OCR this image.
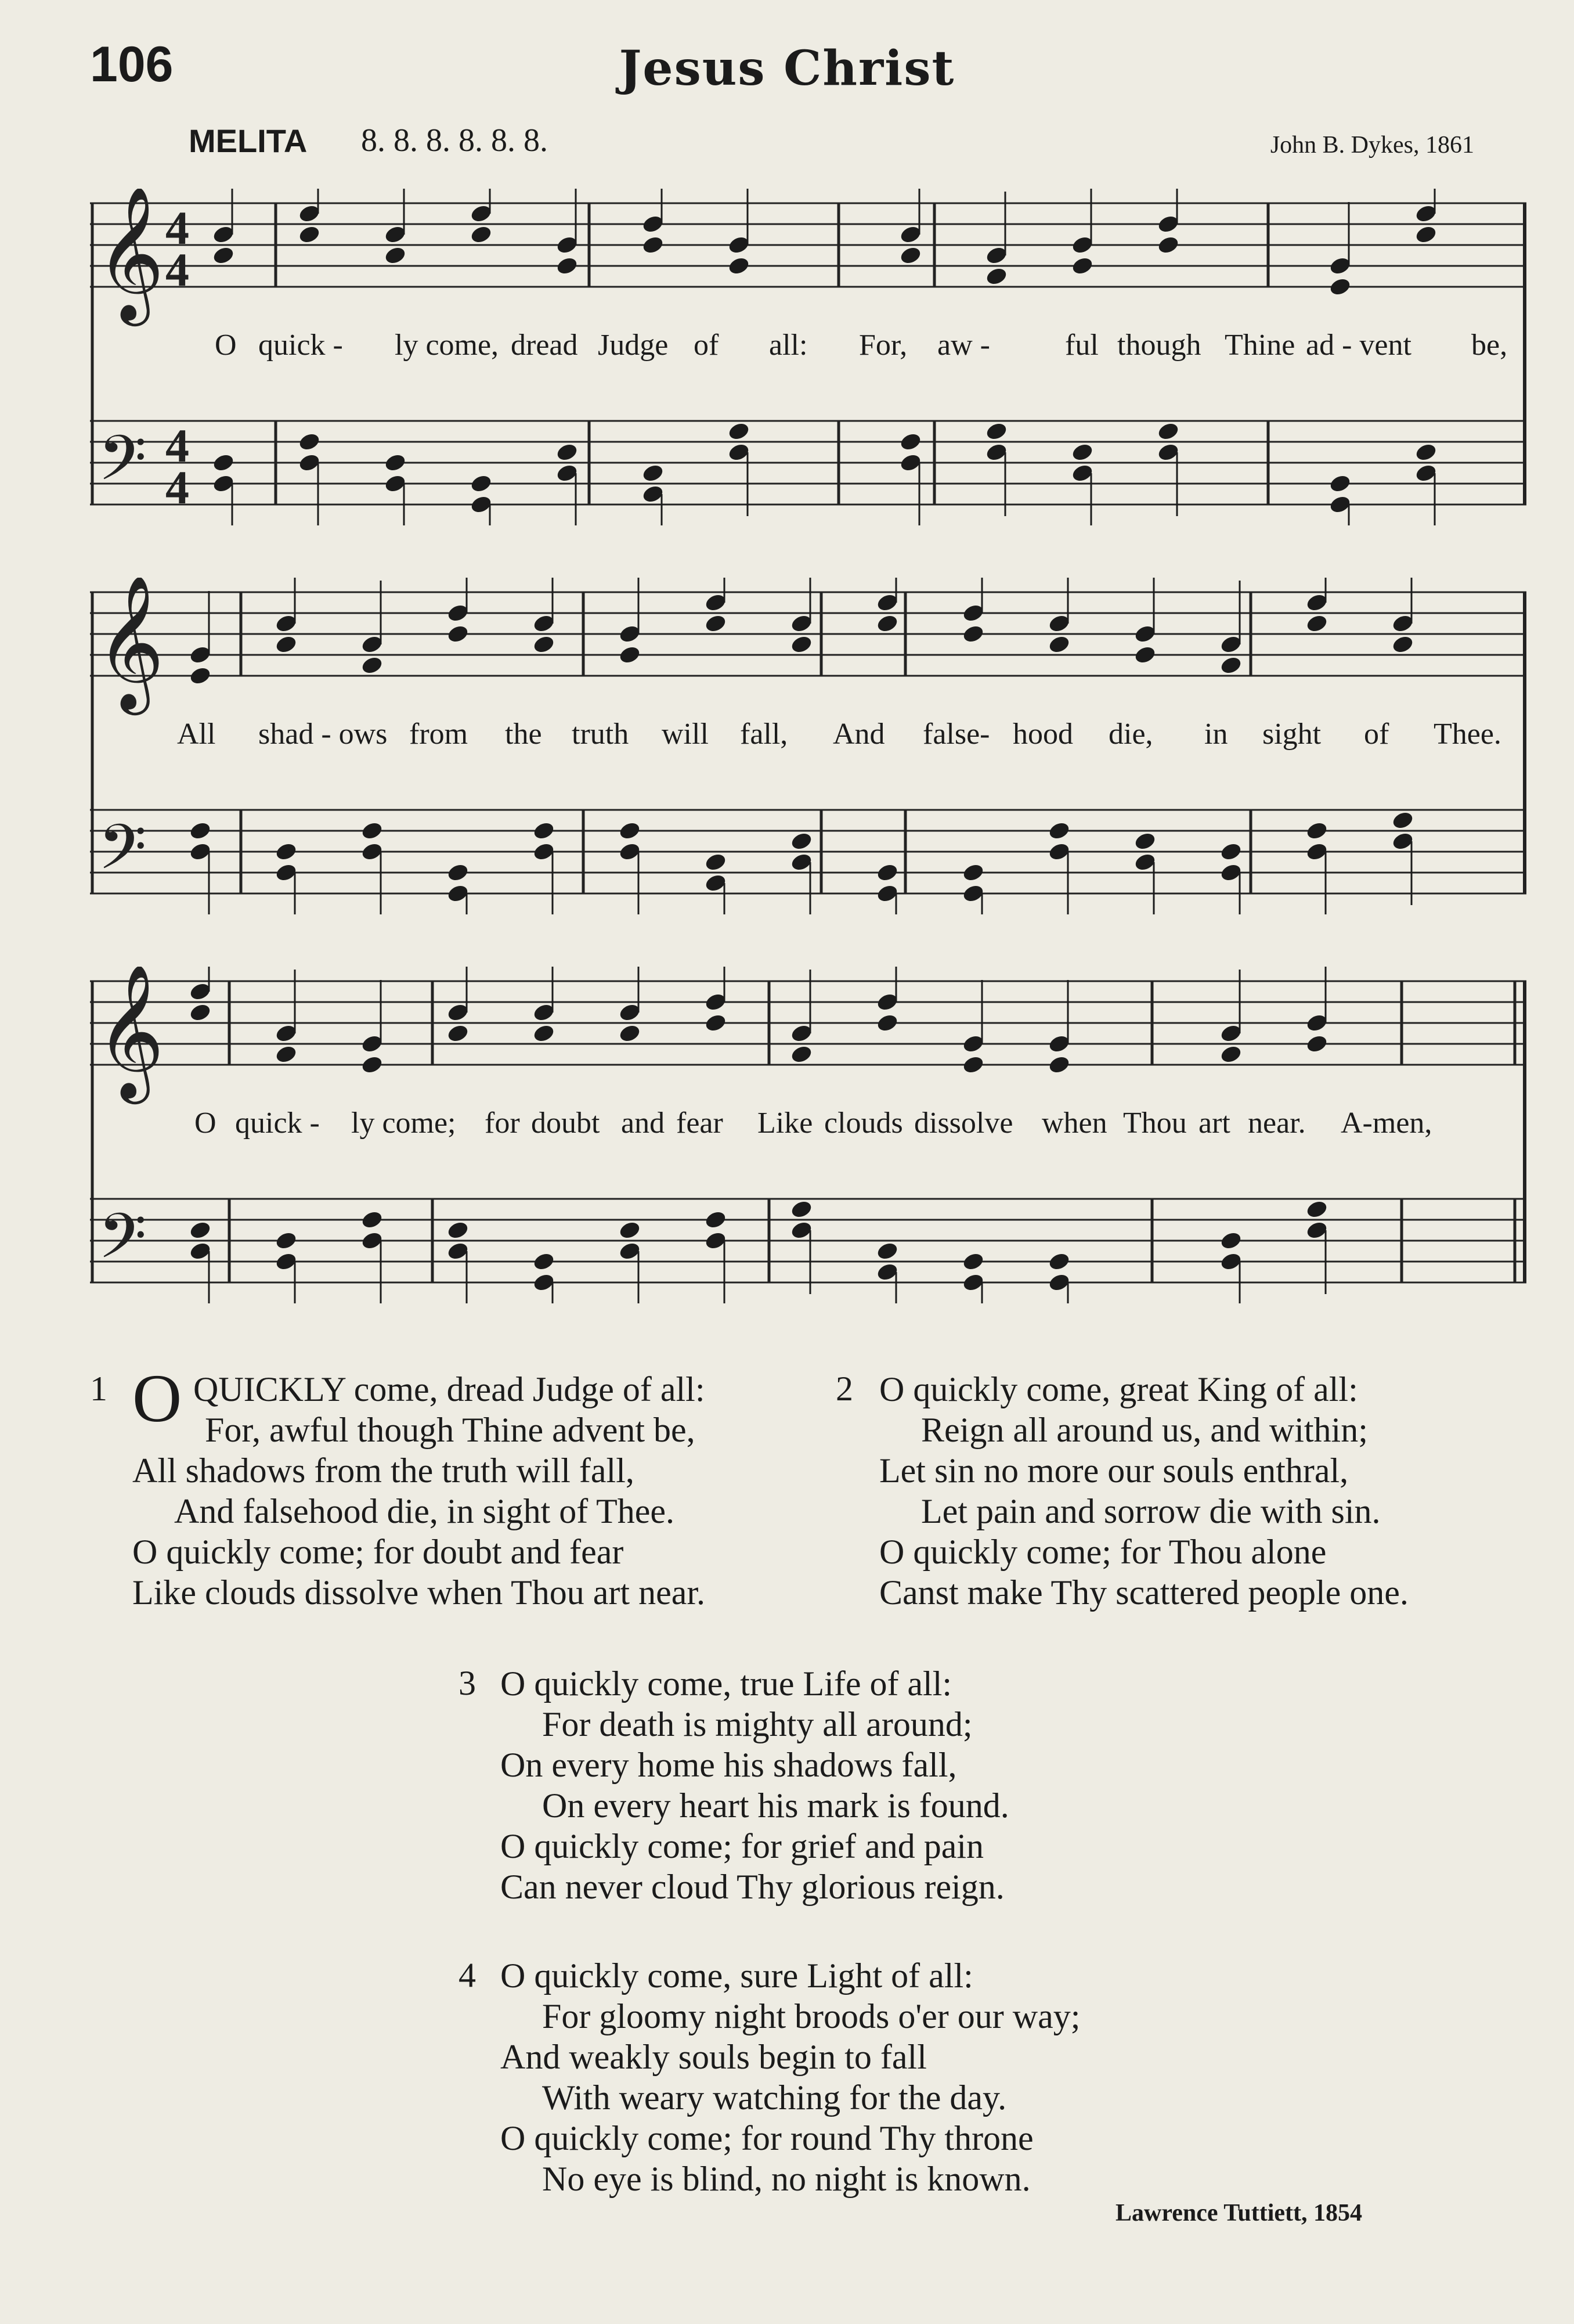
106	Jesus Christ
MELITA 8. 8. 8. 8. 8. 8.	John B. Dykes, 1861
𝄞
𝄢
4
4
4
4
O quick - ly come, dread Judge of all: For, aw - ful though Thine ad - vent be,
𝄞
𝄢
All shad - ows from the truth will fall, And false- hood die, in sight of Thee.
𝄞
𝄢
O quick - ly come; for doubt and fear Like clouds dissolve when Thou art near. A-men,
1 O QUICKLY come, dread Judge of all:
For, awful though Thine advent be,
All shadows from the truth will fall,
And falsehood die, in sight of Thee.
O quickly come; for doubt and fear
Like clouds dissolve when Thou art near.
2 O quickly come, great King of all:
Reign all around us, and within;
Let sin no more our souls enthral,
Let pain and sorrow die with sin.
O quickly come; for Thou alone
Canst make Thy scattered people one.
3 O quickly come, true Life of all:
For death is mighty all around;
On every home his shadows fall,
On every heart his mark is found.
O quickly come; for grief and pain
Can never cloud Thy glorious reign.
4 O quickly come, sure Light of all:
For gloomy night broods o'er our way;
And weakly souls begin to fall
With weary watching for the day.
O quickly come; for round Thy throne
No eye is blind, no night is known.
Lawrence Tuttiett, 1854
